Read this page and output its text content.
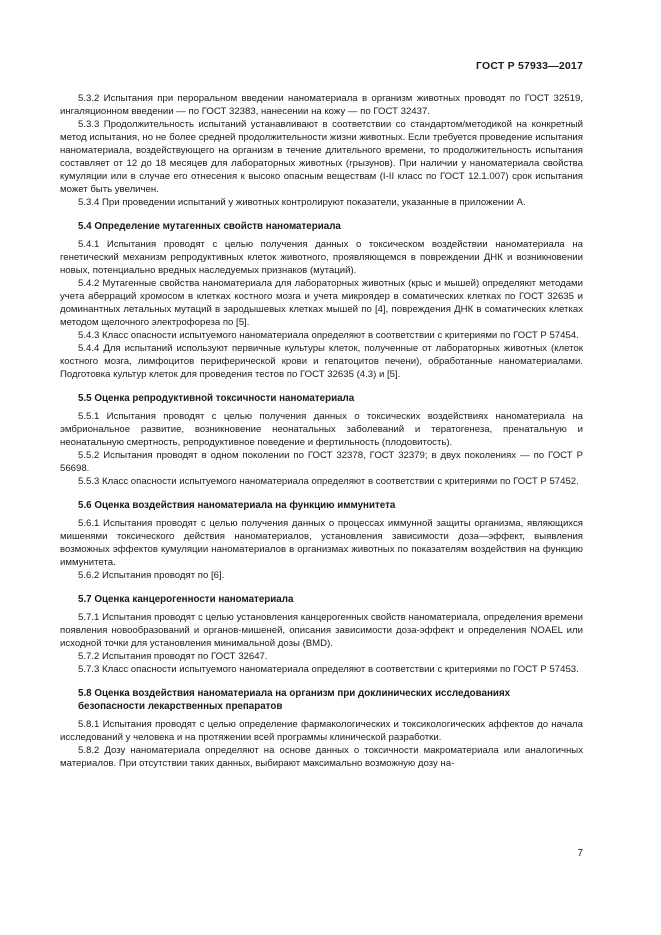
ГОСТ Р 57933—2017

5.3.2 Испытания при пероральном введении наноматериала в организм животных проводят по ГОСТ 32519, ингаляционном введении — по ГОСТ 32383, нанесении на кожу — по ГОСТ 32437.

5.3.3 Продолжительность испытаний устанавливают в соответствии со стандартом/методикой на конкретный метод испытания, но не более средней продолжительности жизни животных. Если требуется проведение испытания наноматериала, воздействующего на организм в течение длительного времени, то продолжительность испытания составляет от 12 до 18 месяцев для лабораторных животных (грызунов). При наличии у наноматериала свойства кумуляции или в случае его отнесения к высоко опасным веществам (I-II класс по ГОСТ 12.1.007) срок испытания может быть увеличен.

5.3.4 При проведении испытаний у животных контролируют показатели, указанные в приложении А.

5.4 Определение мутагенных свойств наноматериала

5.4.1 Испытания проводят с целью получения данных о токсическом воздействии наноматериала на генетический механизм репродуктивных клеток животного, проявляющемся в повреждении ДНК и возникновении новых, потенциально вредных наследуемых признаков (мутаций).

5.4.2 Мутагенные свойства наноматериала для лабораторных животных (крыс и мышей) определяют методами учета аберраций хромосом в клетках костного мозга и учета микроядер в соматических клетках по ГОСТ 32635 и доминантных летальных мутаций в зародышевых клетках мышей по [4], повреждения ДНК в соматических клетках методом щелочного электрофореза по [5].

5.4.3 Класс опасности испытуемого наноматериала определяют в соответствии с критериями по ГОСТ Р 57454.

5.4.4 Для испытаний используют первичные культуры клеток, полученные от лабораторных животных (клеток костного мозга, лимфоцитов периферической крови и гепатоцитов печени), обработанные наноматериалами. Подготовка культур клеток для проведения тестов по ГОСТ 32635 (4.3) и [5].

5.5 Оценка репродуктивной токсичности наноматериала

5.5.1 Испытания проводят с целью получения данных о токсических воздействиях наноматериала на эмбриональное развитие, возникновение неонатальных заболеваний и тератогенеза, пренатальную и неонатальную смертность, репродуктивное поведение и фертильность (плодовитость).

5.5.2 Испытания проводят в одном поколении по ГОСТ 32378, ГОСТ 32379; в двух поколениях — по ГОСТ Р 56698.

5.5.3 Класс опасности испытуемого наноматериала определяют в соответствии с критериями по ГОСТ Р 57452.

5.6 Оценка воздействия наноматериала на функцию иммунитета

5.6.1 Испытания проводят с целью получения данных о процессах иммунной защиты организма, являющихся мишенями токсического действия наноматериалов, установления зависимости доза—эффект, выявления возможных эффектов кумуляции наноматериалов в организмах животных по показателям воздействия на функцию иммунитета.

5.6.2 Испытания проводят по [6].

5.7 Оценка канцерогенности наноматериала

5.7.1 Испытания проводят с целью установления канцерогенных свойств наноматериала, определения времени появления новообразований и органов-мишеней, описания зависимости доза-эффект и определения NOAEL или исходной точки для установления минимальной дозы (BMD).

5.7.2 Испытания проводят по ГОСТ 32647.

5.7.3 Класс опасности испытуемого наноматериала определяют в соответствии с критериями по ГОСТ Р 57453.

5.8 Оценка воздействия наноматериала на организм при доклинических исследованиях
безопасности лекарственных препаратов

5.8.1 Испытания проводят с целью определение фармакологических и токсикологических аффектов до начала исследований у человека и на протяжении всей программы клинической разработки.

5.8.2 Дозу наноматериала определяют на основе данных о токсичности макроматериала или аналогичных материалов. При отсутствии таких данных, выбирают максимально возможную дозу на-

7
